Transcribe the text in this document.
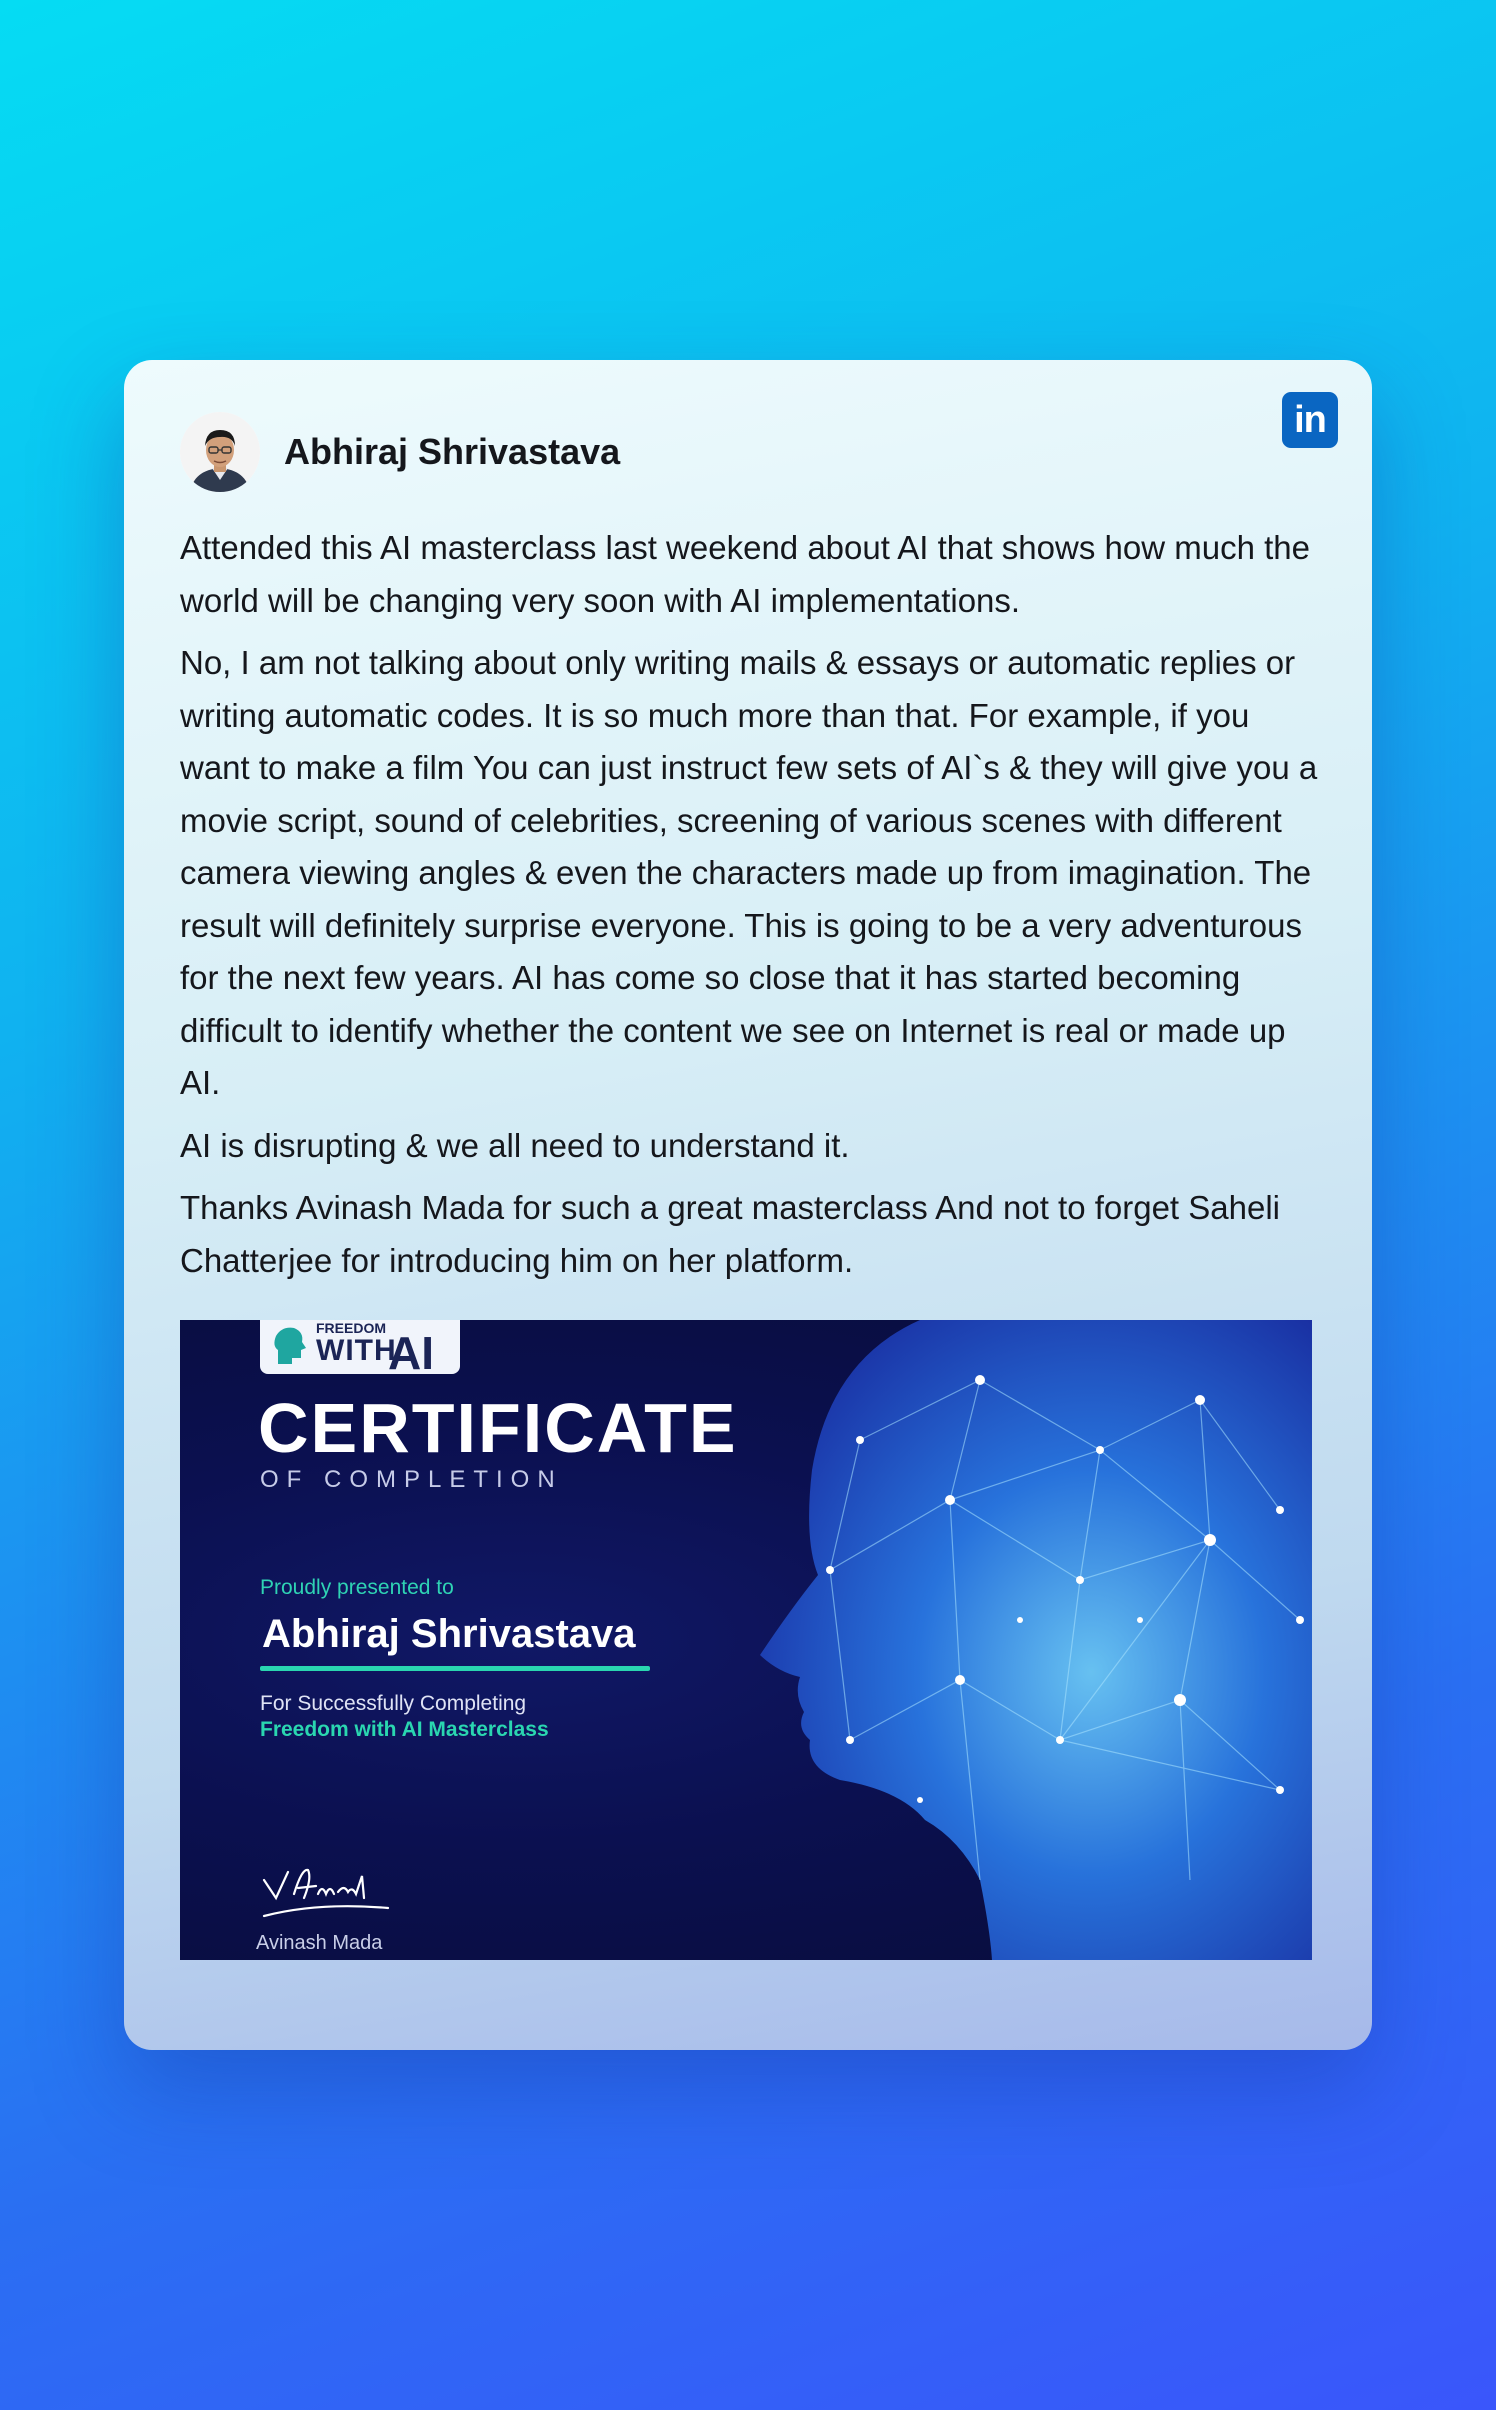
Abhiraj Shrivastava
in

Attended this AI masterclass last weekend about AI that shows how much the world will be changing very soon with AI implementations.

No, I am not talking about only writing mails & essays or automatic replies or writing automatic codes. It is so much more than that. For example, if you want to make a film You can just instruct few sets of AI`s & they will give you a movie script, sound of celebrities, screening of various scenes with different camera viewing angles & even the characters made up from imagination. The result will definitely surprise everyone. This is going to be a very adventurous for the next few years. AI has come so close that it has started becoming difficult to identify whether the content we see on Internet is real or made up AI.

AI is disrupting & we all need to understand it.

Thanks Avinash Mada for such a great masterclass And not to forget Saheli Chatterjee for introducing him on her platform.

FREEDOM
WITH
AI
CERTIFICATE
OF COMPLETION
Proudly presented to
Abhiraj Shrivastava
For Successfully Completing
Freedom with AI Masterclass
Avinash Mada
